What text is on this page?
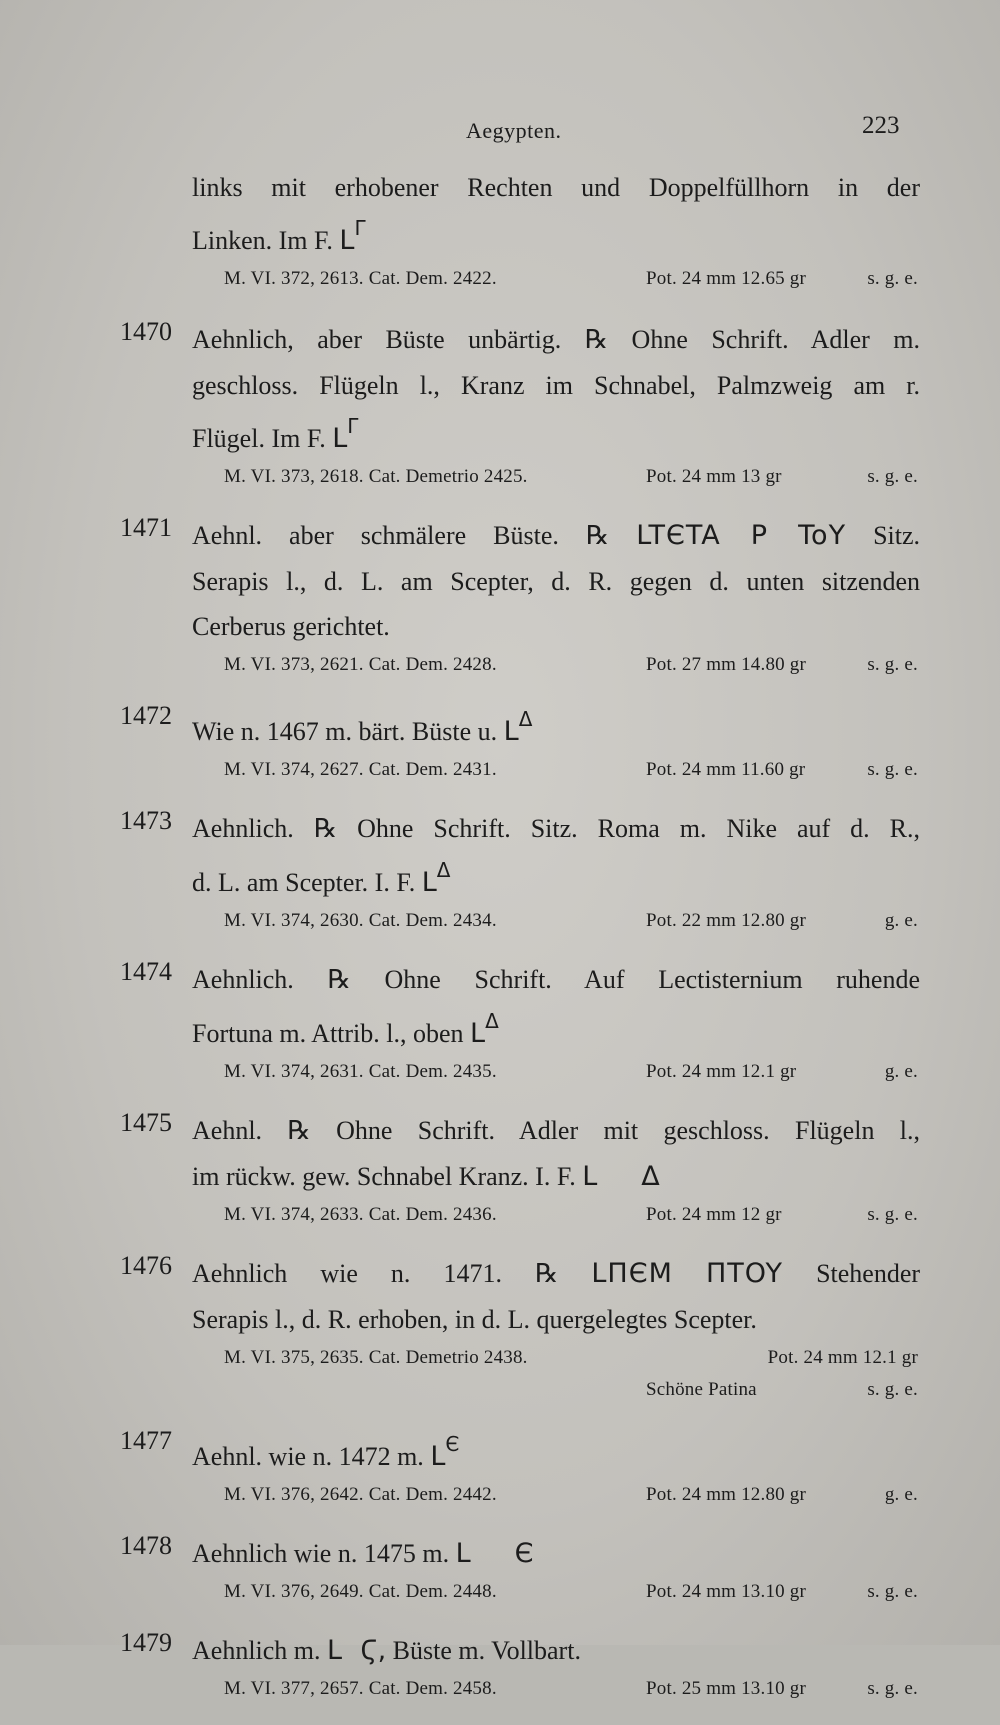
Aegypten.	223
links mit erhobener Rechten und Doppelfüllhorn in der
Linken. Im F. $L^\Gamma$
M. VI. 372, 2613. Cat. Dem. 2422.	Pot. 24 mm 12.65 gr	s. g. e.
1470 Aehnlich, aber Büste unbärtig. ℞ Ohne Schrift. Adler m.
geschloss. Flügeln l., Kranz im Schnabel, Palmzweig am r.
Flügel. Im F. $L^\Gamma$
M. VI. 373, 2618. Cat. Demetrio 2425.	Pot. 24 mm 13 gr	s. g. e.
1471 Aehnl. aber schmälere Büste. ℞ LTЄTA P ToY Sitz.
Serapis l., d. L. am Scepter, d. R. gegen d. unten sitzenden
Cerberus gerichtet.
M. VI. 373, 2621. Cat. Dem. 2428.	Pot. 27 mm 14.80 gr	s. g. e.
1472
Wie n. 1467 m. bärt. Büste u. $L^\Delta$
M. VI. 374, 2627. Cat. Dem. 2431.	Pot. 24 mm 11.60 gr	s. g. e.
1473 Aehnlich. ℞ Ohne Schrift. Sitz. Roma m. Nike auf d. R.,
d. L. am Scepter. I. F. $L^\Delta$
M. VI. 374, 2630. Cat. Dem. 2434.	Pot. 22 mm 12.80 gr	g. e.
1474 Aehnlich. ℞ Ohne Schrift. Auf Lectisternium ruhende
Fortuna m. Attrib. l., oben $L^\Delta$
M. VI. 374, 2631. Cat. Dem. 2435.	Pot. 24 mm 12.1 gr	g. e.
1475 Aehnl. ℞ Ohne Schrift. Adler mit geschloss. Flügeln l.,
im rückw. gew. Schnabel Kranz. I. F. L Δ
M. VI. 374, 2633. Cat. Dem. 2436.	Pot. 24 mm 12 gr	s. g. e.
1476 Aehnlich wie n. 1471. ℞ LΠЄM ΠTOY Stehender
Serapis l., d. R. erhoben, in d. L. quergelegtes Scepter.
M. VI. 375, 2635. Cat. Demetrio 2438.	Pot. 24 mm 12.1 gr
Schöne Patina	s. g. e.
1477
Aehnl. wie n. 1472 m. $L^Є$
M. VI. 376, 2642. Cat. Dem. 2442.	Pot. 24 mm 12.80 gr	g. e.
1478 Aehnlich wie n. 1475 m. L Є
M. VI. 376, 2649. Cat. Dem. 2448.	Pot. 24 mm 13.10 gr	s. g. e.
1479 Aehnlich m. L Ϛ, Büste m. Vollbart.
M. VI. 377, 2657. Cat. Dem. 2458.	Pot. 25 mm 13.10 gr	s. g. e.
